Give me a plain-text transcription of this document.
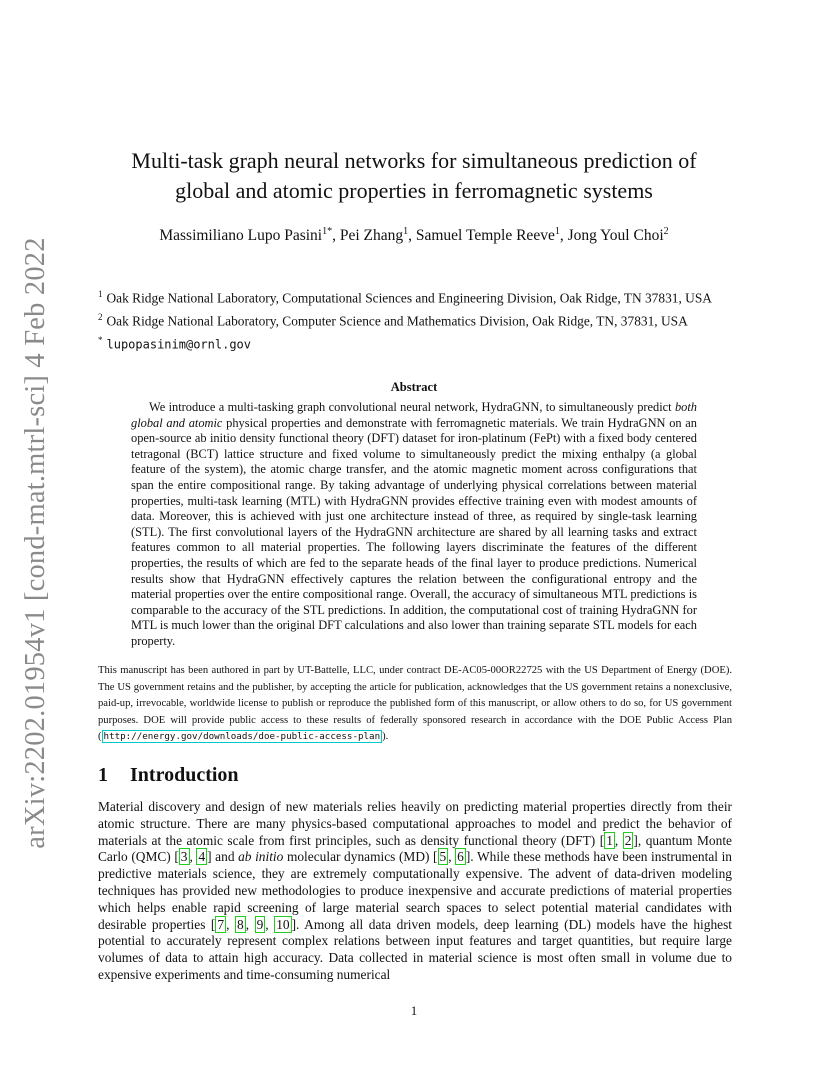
arXiv:2202.01954v1 [cond-mat.mtrl-sci] 4 Feb 2022
Multi-task graph neural networks for simultaneous prediction of
global and atomic properties in ferromagnetic systems
Massimiliano Lupo Pasini$^{1*}$, Pei Zhang$^1$, Samuel Temple Reeve$^1$, Jong Youl Choi$^2$
$^1$ Oak Ridge National Laboratory, Computational Sciences and Engineering Division, Oak Ridge, TN 37831, USA
$^2$ Oak Ridge National Laboratory, Computer Science and Mathematics Division, Oak Ridge, TN, 37831, USA
* lupopasinim@ornl.gov
Abstract
We introduce a multi-tasking graph convolutional neural network, HydraGNN, to simultaneously predict both global and atomic physical properties and demonstrate with ferromagnetic materials. We train HydraGNN on an open-source ab initio density functional theory (DFT) dataset for iron-platinum (FePt) with a fixed body centered tetragonal (BCT) lattice structure and fixed volume to simultaneously predict the mixing enthalpy (a global feature of the system), the atomic charge transfer, and the atomic magnetic moment across configurations that span the entire compositional range. By taking advantage of underlying physical correlations between material properties, multi-task learning (MTL) with HydraGNN provides effective training even with modest amounts of data. Moreover, this is achieved with just one architecture instead of three, as required by single-task learning (STL). The first convolutional layers of the HydraGNN architecture are shared by all learning tasks and extract features common to all material properties. The following layers discriminate the features of the different properties, the results of which are fed to the separate heads of the final layer to produce predictions. Numerical results show that HydraGNN effectively captures the relation between the configurational entropy and the material properties over the entire compositional range. Overall, the accuracy of simultaneous MTL predictions is comparable to the accuracy of the STL predictions. In addition, the computational cost of training HydraGNN for MTL is much lower than the original DFT calculations and also lower than training separate STL models for each property.
This manuscript has been authored in part by UT-Battelle, LLC, under contract DE-AC05-00OR22725 with the US Department of Energy (DOE). The US government retains and the publisher, by accepting the article for publication, acknowledges that the US government retains a nonexclusive, paid-up, irrevocable, worldwide license to publish or reproduce the published form of this manuscript, or allow others to do so, for US government purposes. DOE will provide public access to these results of federally sponsored research in accordance with the DOE Public Access Plan ( http://energy.gov/downloads/doe-public-access-plan ).
1 Introduction
Material discovery and design of new materials relies heavily on predicting material properties directly from their atomic structure. There are many physics-based computational approaches to model and predict the behavior of materials at the atomic scale from first principles, such as density functional theory (DFT) [ 1 , 2 ], quantum Monte Carlo (QMC) [ 3 , 4 ] and ab initio molecular dynamics (MD) [ 5 , 6 ]. While these methods have been instrumental in predictive materials science, they are extremely computationally expensive. The advent of data-driven modeling techniques has provided new methodologies to produce inexpensive and accurate predictions of material properties which helps enable rapid screening of large material search spaces to select potential material candidates with desirable properties [ 7 , 8 , 9 , 10 ]. Among all data driven models, deep learning (DL) models have the highest potential to accurately represent complex relations between input features and target quantities, but require large volumes of data to attain high accuracy. Data collected in material science is most often small in volume due to expensive experiments and time-consuming numerical
1
